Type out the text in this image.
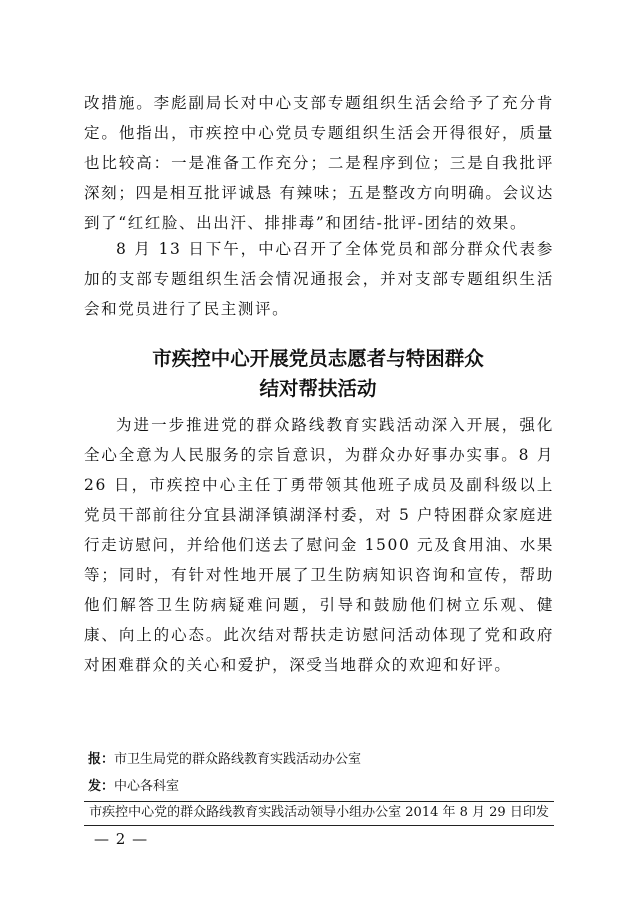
改措施。李彪副局长对中心支部专题组织生活会给予了充分肯定。他指出，市疾控中心党员专题组织生活会开得很好，质量也比较高：一是准备工作充分；二是程序到位；三是自我批评深刻；四是相互批评诚恳 有辣味；五是整改方向明确。会议达到了“红红脸、出出汗、排排毒”和团结-批评-团结的效果。

8 月 13 日下午，中心召开了全体党员和部分群众代表参加的支部专题组织生活会情况通报会，并对支部专题组织生活会和党员进行了民主测评。

市疾控中心开展党员志愿者与特困群众
结对帮扶活动

为进一步推进党的群众路线教育实践活动深入开展，强化全心全意为人民服务的宗旨意识，为群众办好事办实事。8 月 26 日，市疾控中心主任丁勇带领其他班子成员及副科级以上党员干部前往分宜县湖泽镇湖泽村委，对 5 户特困群众家庭进行走访慰问，并给他们送去了慰问金 1500 元及食用油、水果等；同时，有针对性地开展了卫生防病知识咨询和宣传，帮助他们解答卫生防病疑难问题，引导和鼓励他们树立乐观、健康、向上的心态。此次结对帮扶走访慰问活动体现了党和政府对困难群众的关心和爱护，深受当地群众的欢迎和好评。

报：市卫生局党的群众路线教育实践活动办公室

发：中心各科室

市疾控中心党的群众路线教育实践活动领导小组办公室 2014 年 8 月 29 日印发

— 2 —
